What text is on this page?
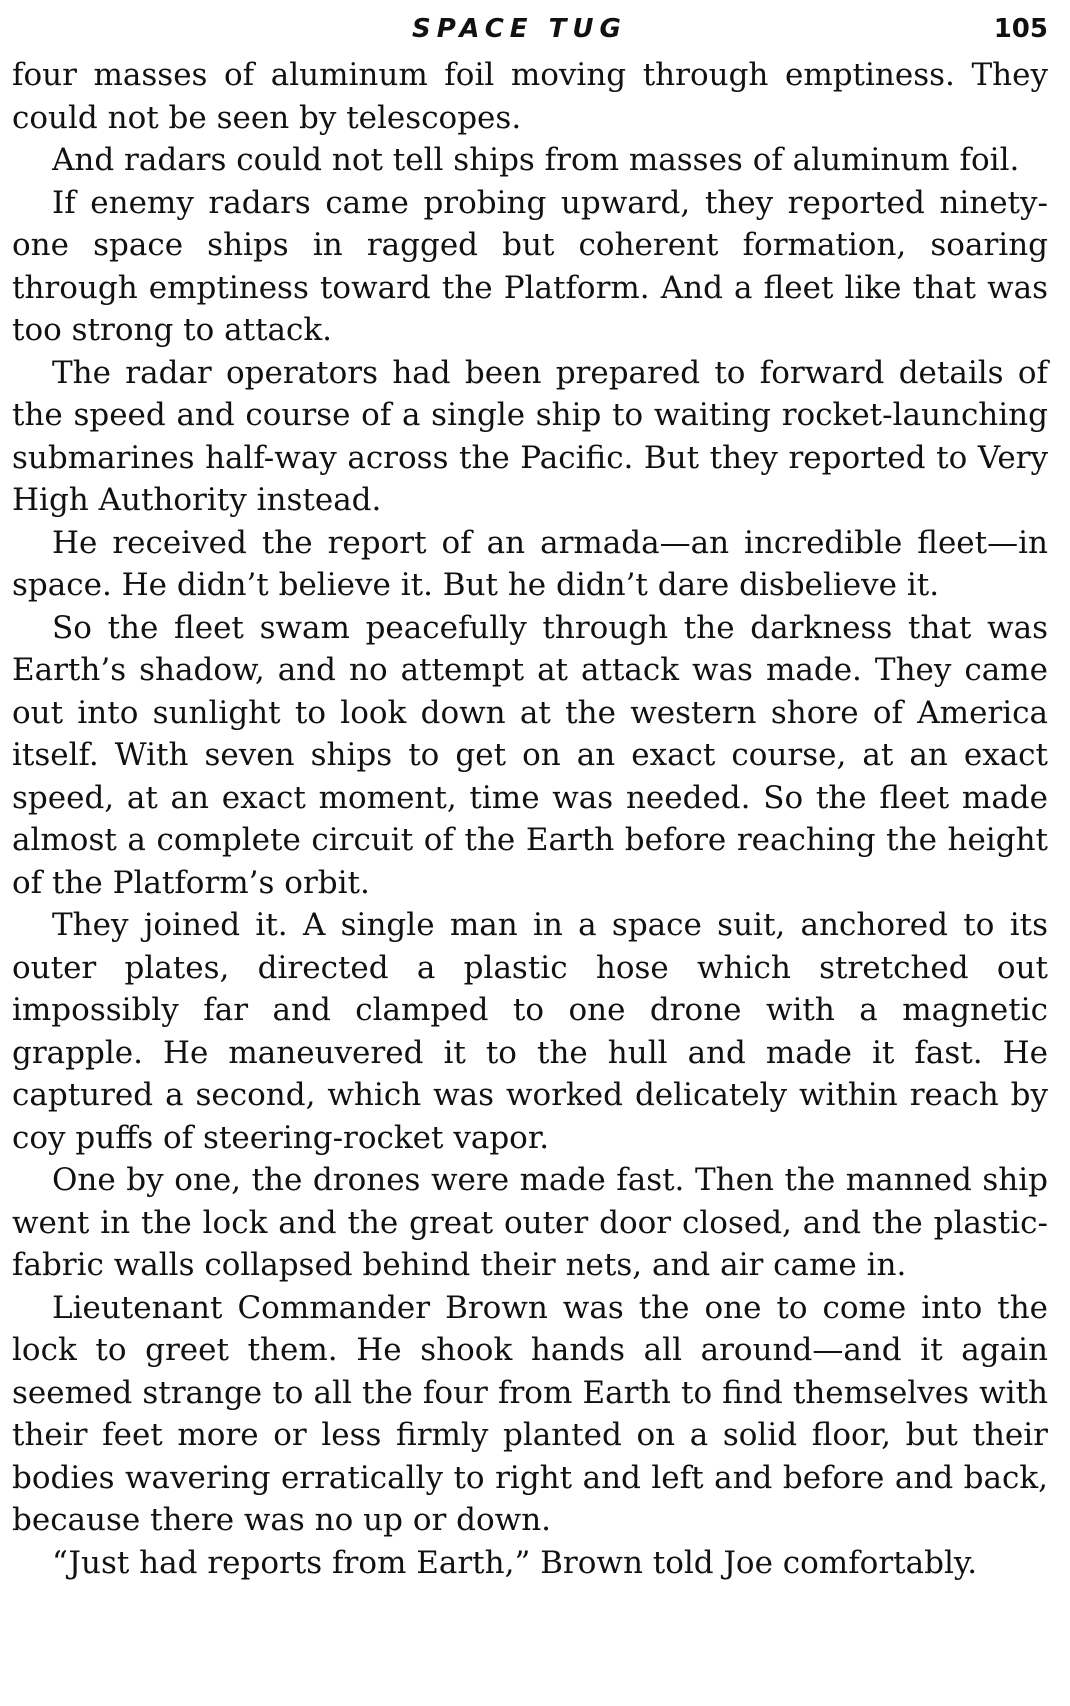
SPACE TUG	105

four masses of aluminum foil moving through emptiness. They could not be seen by telescopes.

And radars could not tell ships from masses of aluminum foil.

If enemy radars came probing upward, they reported ninety-one space ships in ragged but coherent formation, soaring through emptiness toward the Platform. And a fleet like that was too strong to attack.

The radar operators had been prepared to forward details of the speed and course of a single ship to waiting rocket-launching submarines half-way across the Pacific. But they reported to Very High Authority instead.

He received the report of an armada—an incredible fleet—in space. He didn’t believe it. But he didn’t dare disbelieve it.

So the fleet swam peacefully through the darkness that was Earth’s shadow, and no attempt at attack was made. They came out into sunlight to look down at the western shore of America itself. With seven ships to get on an exact course, at an exact speed, at an exact moment, time was needed. So the fleet made almost a complete circuit of the Earth before reaching the height of the Platform’s orbit.

They joined it. A single man in a space suit, anchored to its outer plates, directed a plastic hose which stretched out impossibly far and clamped to one drone with a magnetic grapple. He maneuvered it to the hull and made it fast. He captured a second, which was worked delicately within reach by coy puffs of steering-rocket vapor.

One by one, the drones were made fast. Then the manned ship went in the lock and the great outer door closed, and the plastic-fabric walls collapsed behind their nets, and air came in.

Lieutenant Commander Brown was the one to come into the lock to greet them. He shook hands all around—and it again seemed strange to all the four from Earth to find themselves with their feet more or less firmly planted on a solid floor, but their bodies wavering erratically to right and left and before and back, because there was no up or down.

“Just had reports from Earth,” Brown told Joe comfortably.
